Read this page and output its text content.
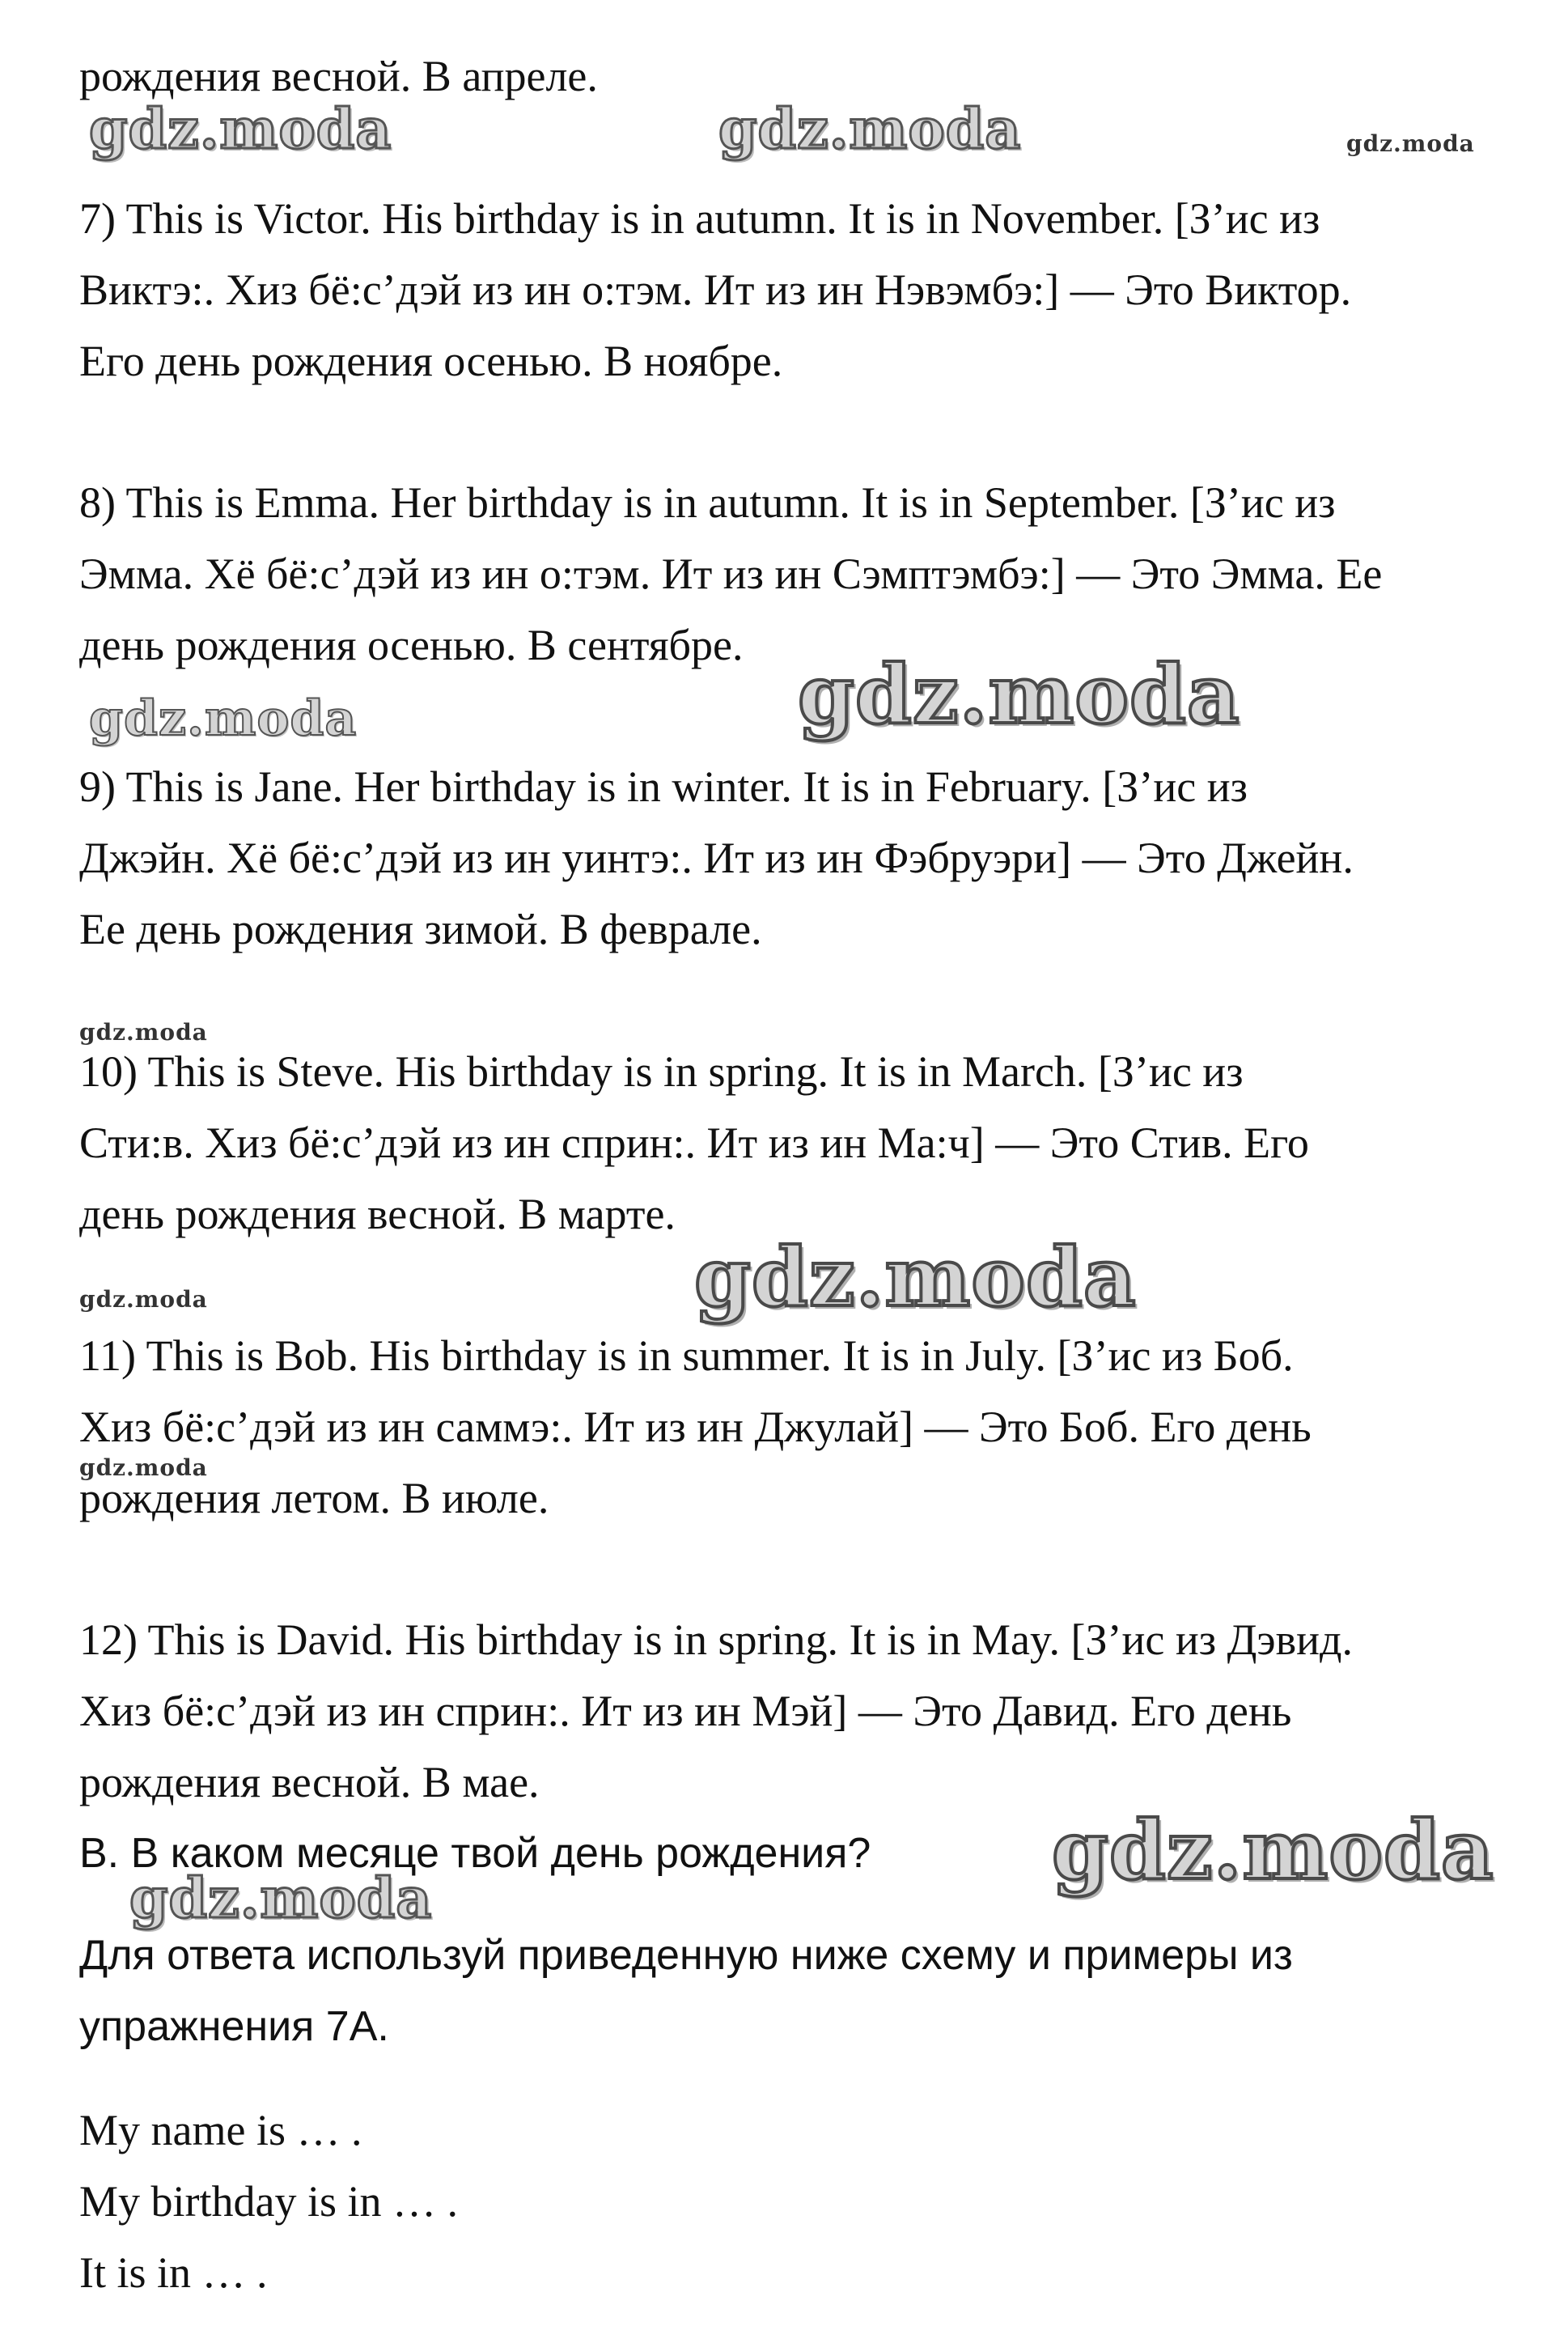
gdz.moda	gdz.moda	gdz.moda
gdz.moda	gdz.moda
gdz.moda
gdz.moda	gdz.moda
gdz.moda
gdz.moda
gdz.moda

рождения весной. В апреле.

7) This is Victor. His birthday is in autumn. It is in November. [З’ис из

Виктэ:. Хиз бё:с’дэй из ин о:тэм. Ит из ин Нэвэмбэ:] — Это Виктор.

Его день рождения осенью. В ноябре.

8) This is Emma. Her birthday is in autumn. It is in September. [З’ис из

Эмма. Хё бё:с’дэй из ин о:тэм. Ит из ин Сэмптэмбэ:] — Это Эмма. Ее

день рождения осенью. В сентябре.

9) This is Jane. Her birthday is in winter. It is in February. [З’ис из

Джэйн. Хё бё:с’дэй из ин уинтэ:. Ит из ин Фэбруэри] — Это Джейн.

Ее день рождения зимой. В феврале.

10) This is Steve. His birthday is in spring. It is in March. [З’ис из

Сти:в. Хиз бё:с’дэй из ин сприн:. Ит из ин Ма:ч] — Это Стив. Его

день рождения весной. В марте.

11) This is Bob. His birthday is in summer. It is in July. [З’ис из Боб.

Хиз бё:с’дэй из ин саммэ:. Ит из ин Джулай] — Это Боб. Его день

рождения летом. В июле.

12) This is David. His birthday is in spring. It is in May. [З’ис из Дэвид.

Хиз бё:с’дэй из ин сприн:. Ит из ин Мэй] — Это Давид. Его день

рождения весной. В мае.

В. В каком месяце твой день рождения?

Для ответа используй приведенную ниже схему и примеры из

упражнения 7А.

My name is … .

My birthday is in … .

It is in … .
